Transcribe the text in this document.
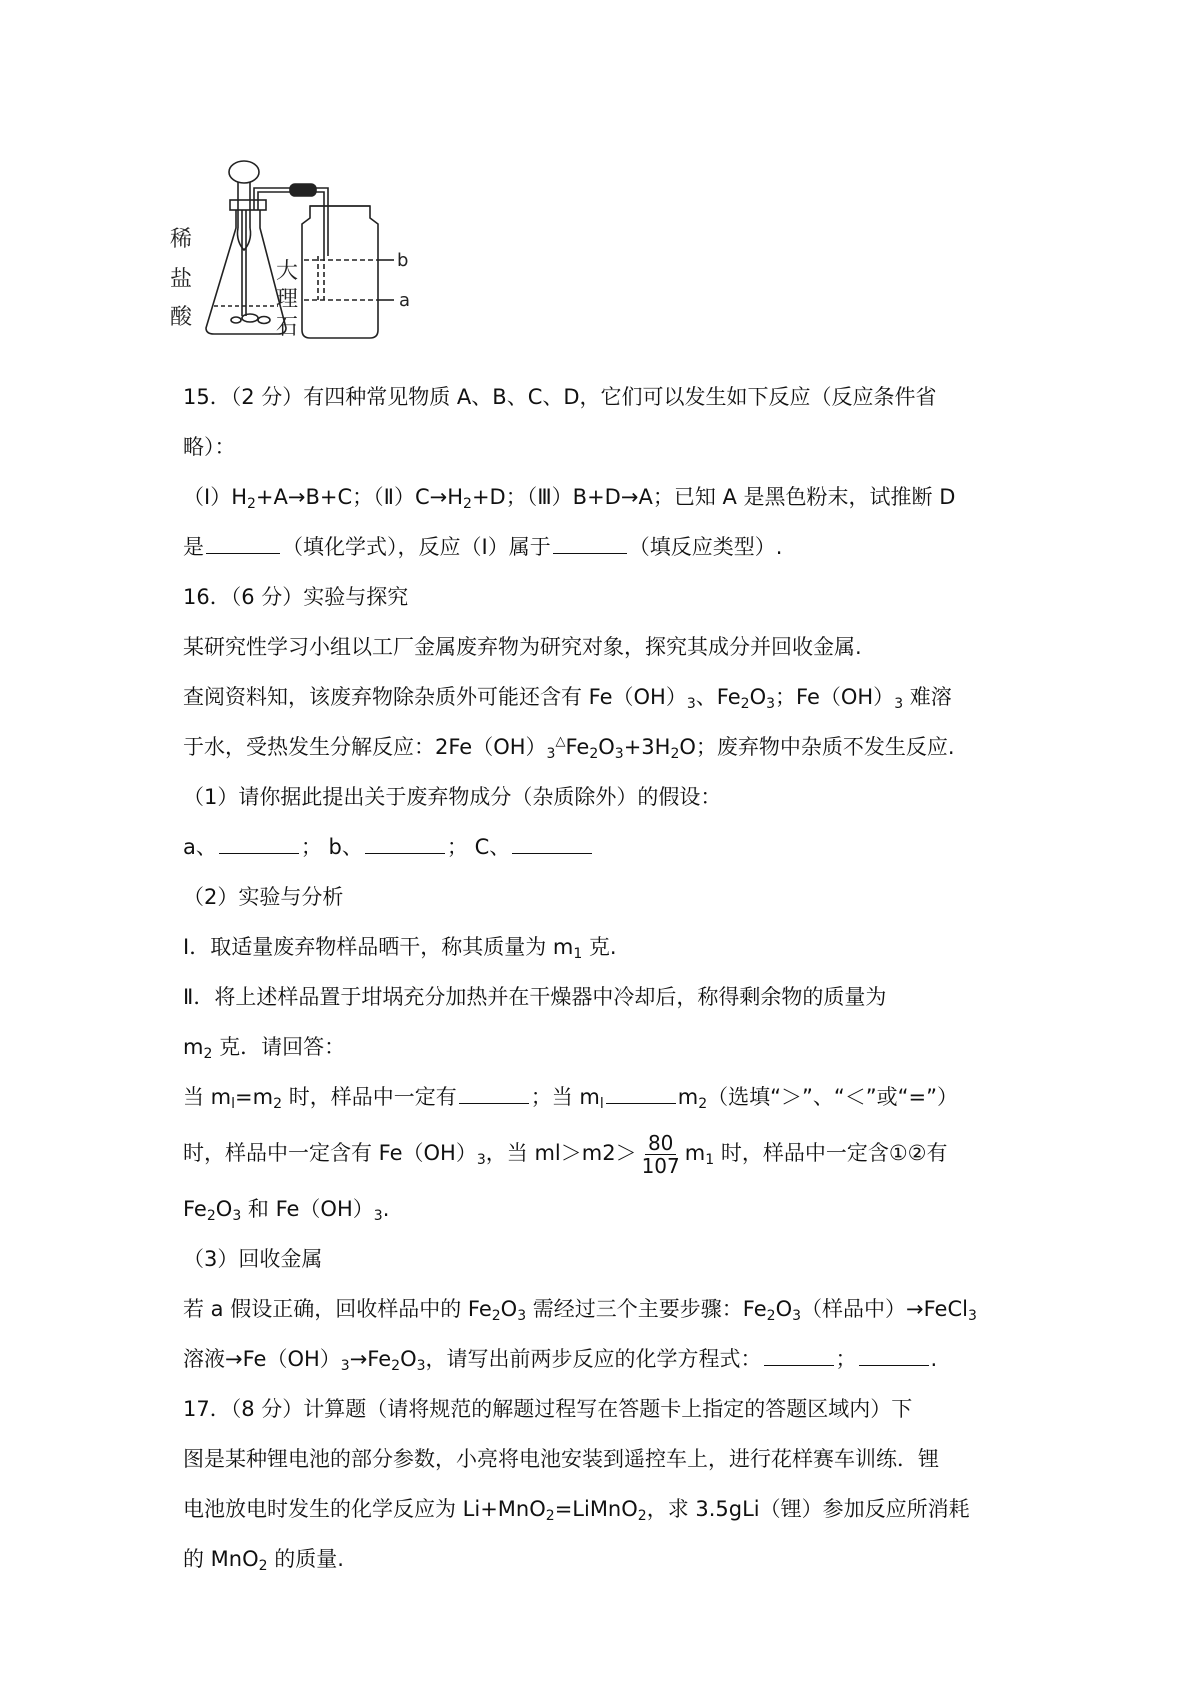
b
a
稀
盐
酸
大
理
石
15．（2 分）有四种常见物质 A、B、C、D，它们可以发生如下反应（反应条件省
略）：
$(I)H_2+A\to B+C$；$(Ⅱ)C\to H_2+D$；（Ⅲ）B+D→A；已知 A 是黑色粉末，试推断 D
是	（填化学式），反应（I）属于	（填反应类型）.
16．（6 分）实验与探究
某研究性学习小组以工厂金属废弃物为研究对象，探究其成分并回收金属.
查阅资料知，该废弃物除杂质外可能还含有 $Fe(OH)_3$、$Fe_2O_3$；$Fe(OH)_3$ 难溶
于水，受热发生分解反应：$2Fe(OH)_3^\triangle Fe_2O_3+3H_2O$；废弃物中杂质不发生反应.
（1）请你据此提出关于废弃物成分（杂质除外）的假设：
a、	； b、	； C、
（2）实验与分析
Ⅰ．取适量废弃物样品晒干，称其质量为 $m_1$ 克.
Ⅱ．将上述样品置于坩埚充分加热并在干燥器中冷却后，称得剩余物的质量为
$m_2$ 克．请回答：
当 $m_l=m_2$ 时，样品中一定有	；当 $m_l$	$m_2$（选填“＞”、“＜”或“=”）
时，样品中一定含有 $Fe(OH)_3$，当 $ml>m2> \frac{80}{107} m_1$ 时，样品中一定含①②有
$Fe_2O_3$ 和 $Fe(OH)_3$.
（3）回收金属
若 a 假设正确，回收样品中的 $Fe_2O_3$ 需经过三个主要步骤：$Fe_2O_3$（样品中）→FeCl$_3$
溶液$\to Fe(OH)_3\to Fe_2O_3$，请写出前两步反应的化学方程式：	；	.
17．（8 分）计算题（请将规范的解题过程写在答题卡上指定的答题区域内）下
图是某种锂电池的部分参数，小亮将电池安装到遥控车上，进行花样赛车训练．锂
电池放电时发生的化学反应为 Li+MnO$_2$=LiMnO$_2$，求 3.5gLi（锂）参加反应所消耗
的 MnO$_2$ 的质量.
